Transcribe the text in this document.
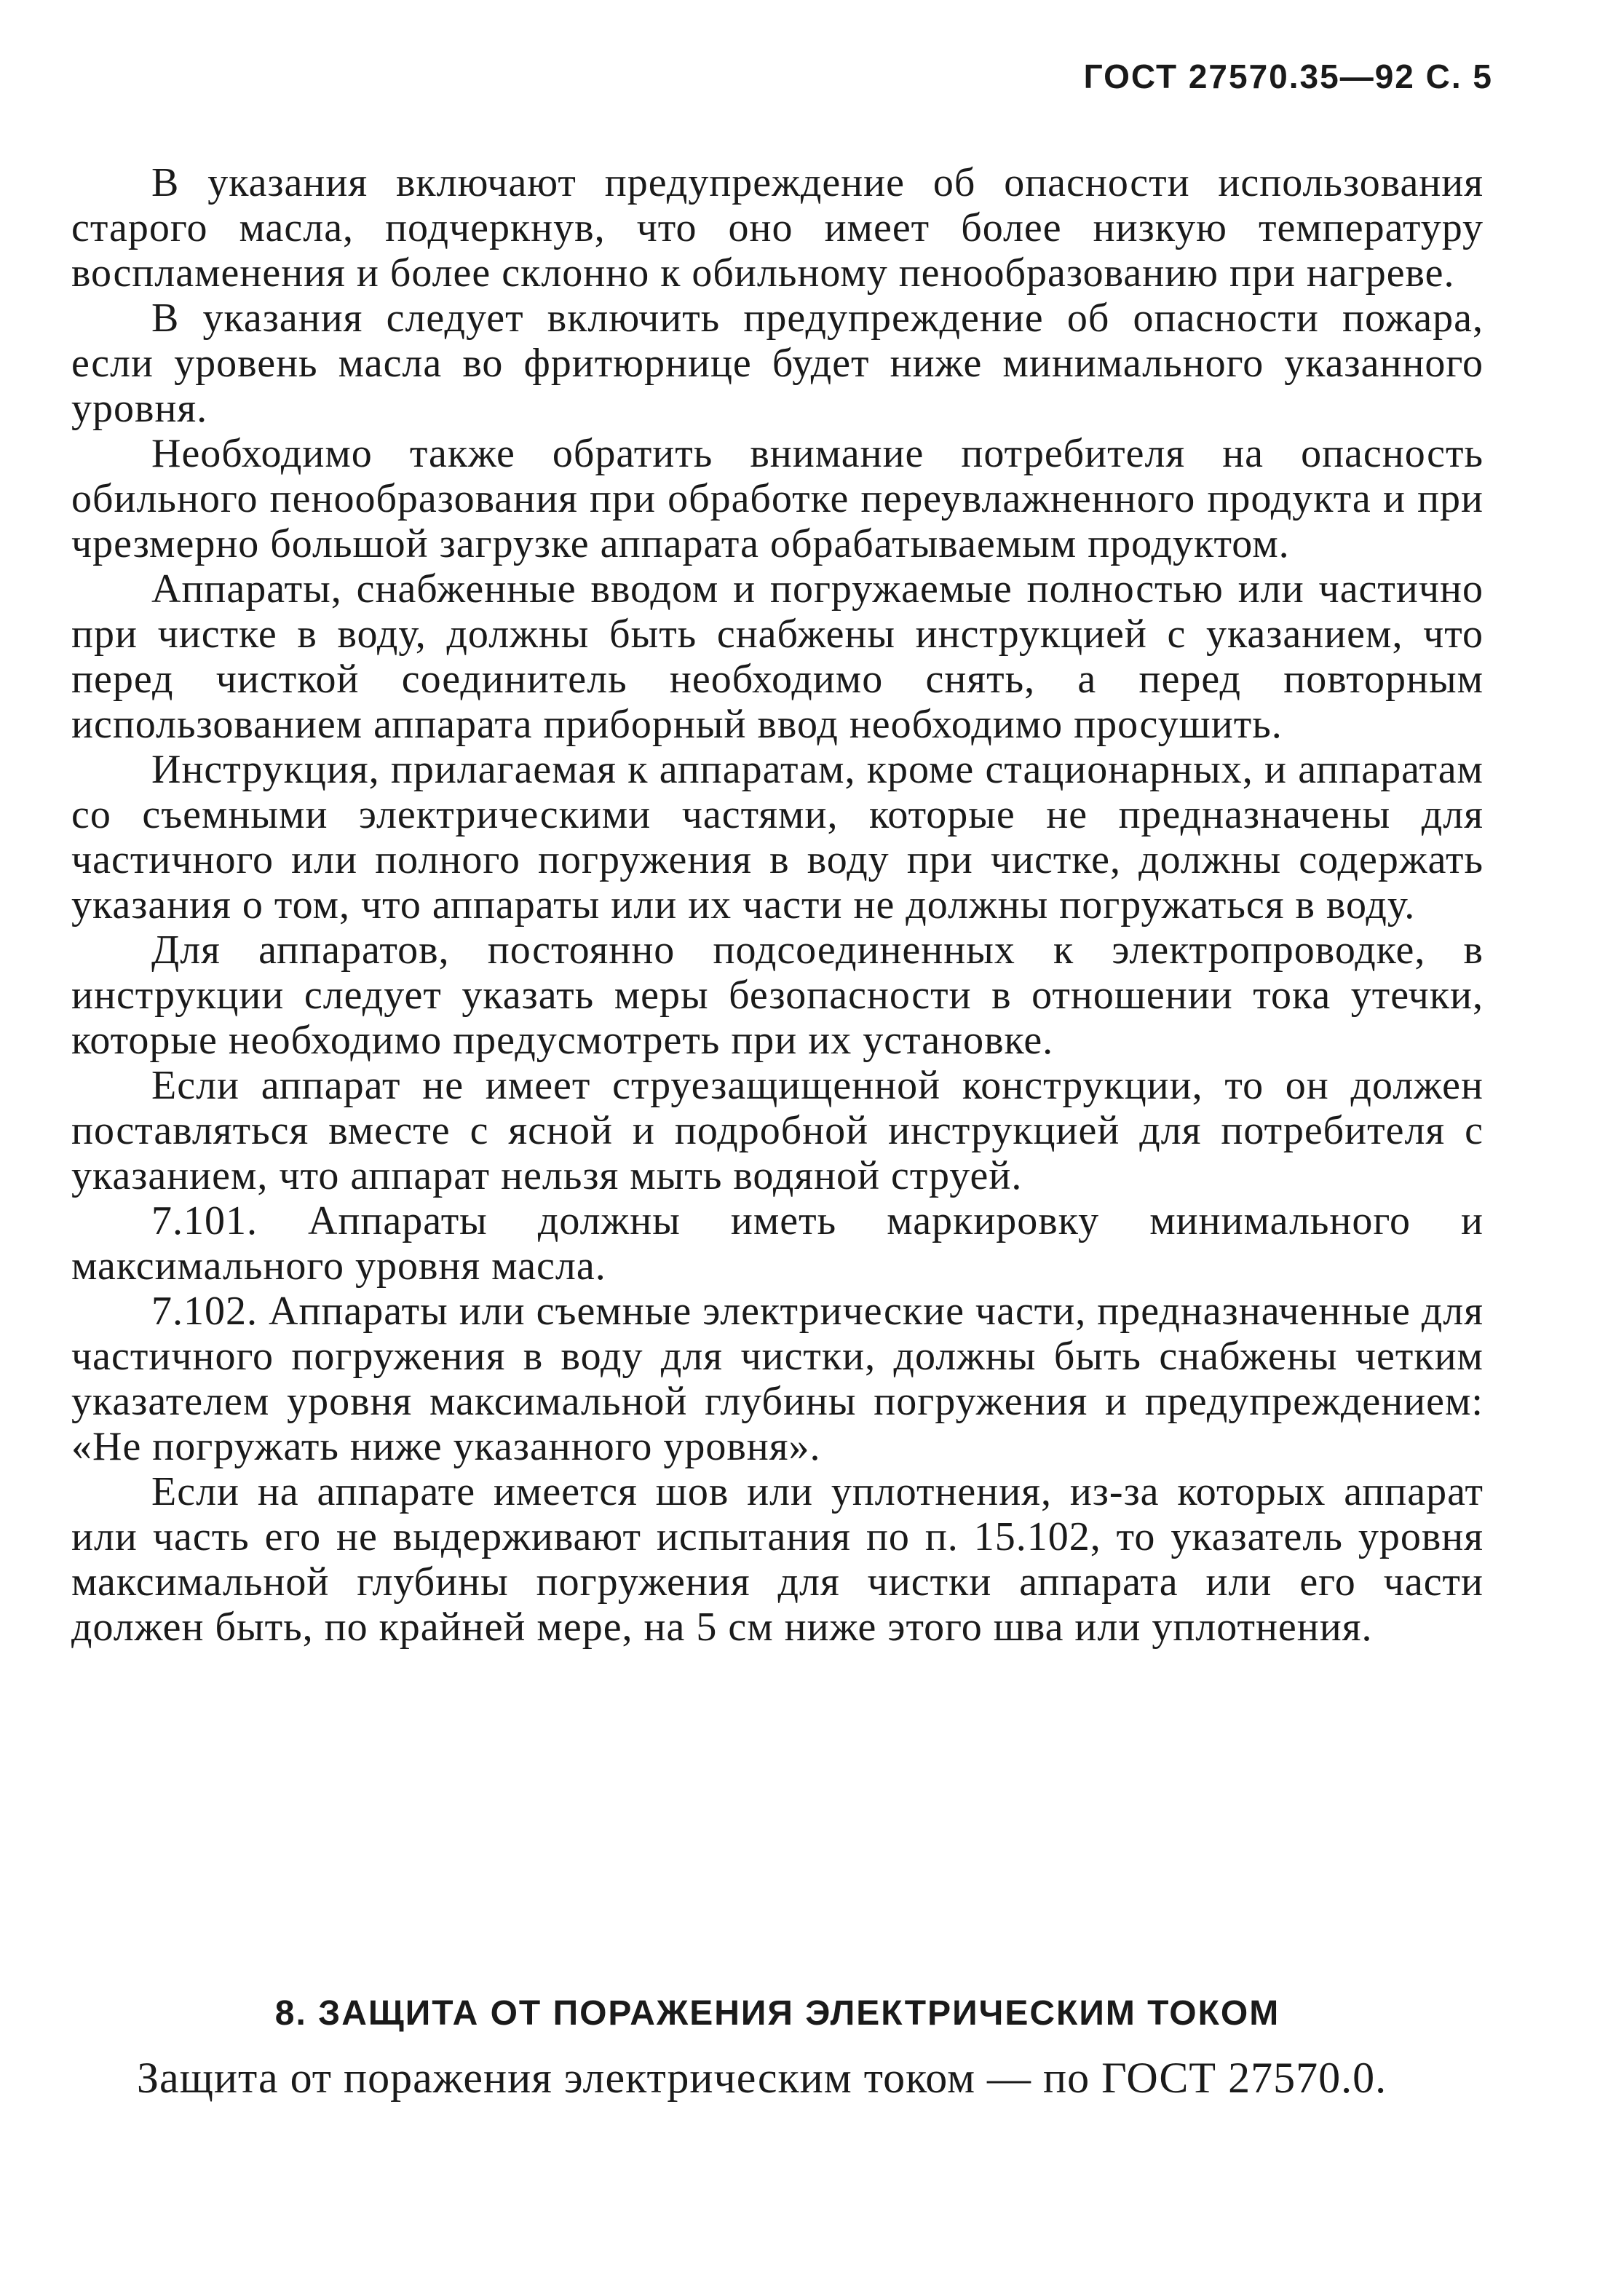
ГОСТ 27570.35—92 С. 5

В указания включают предупреждение об опасности использования старого масла, подчеркнув, что оно имеет более низкую температуру воспламенения и более склонно к обильному пенообразованию при нагреве.

В указания следует включить предупреждение об опасности пожара, если уровень масла во фритюрнице будет ниже минимального указанного уровня.

Необходимо также обратить внимание потребителя на опасность обильного пенообразования при обработке переувлажненного продукта и при чрезмерно большой загрузке аппарата обрабатываемым продуктом.

Аппараты, снабженные вводом и погружаемые полностью или частично при чистке в воду, должны быть снабжены инструкцией с указанием, что перед чисткой соединитель необходимо снять, а перед повторным использованием аппарата приборный ввод необходимо просушить.

Инструкция, прилагаемая к аппаратам, кроме стационарных, и аппаратам со съемными электрическими частями, которые не предназначены для частичного или полного погружения в воду при чистке, должны содержать указания о том, что аппараты или их части не должны погружаться в воду.

Для аппаратов, постоянно подсоединенных к электропроводке, в инструкции следует указать меры безопасности в отношении тока утечки, которые необходимо предусмотреть при их установке.

Если аппарат не имеет струезащищенной конструкции, то он должен поставляться вместе с ясной и подробной инструкцией для потребителя с указанием, что аппарат нельзя мыть водяной струей.

7.101. Аппараты должны иметь маркировку минимального и максимального уровня масла.

7.102. Аппараты или съемные электрические части, предназначенные для частичного погружения в воду для чистки, должны быть снабжены четким указателем уровня максимальной глубины погружения и предупреждением: «Не погружать ниже указанного уровня».

Если на аппарате имеется шов или уплотнения, из-за которых аппарат или часть его не выдерживают испытания по п. 15.102, то указатель уровня максимальной глубины погружения для чистки аппарата или его части должен быть, по крайней мере, на 5 см ниже этого шва или уплотнения.

8. ЗАЩИТА ОТ ПОРАЖЕНИЯ ЭЛЕКТРИЧЕСКИМ ТОКОМ

Защита от поражения электрическим током — по ГОСТ 27570.0.
